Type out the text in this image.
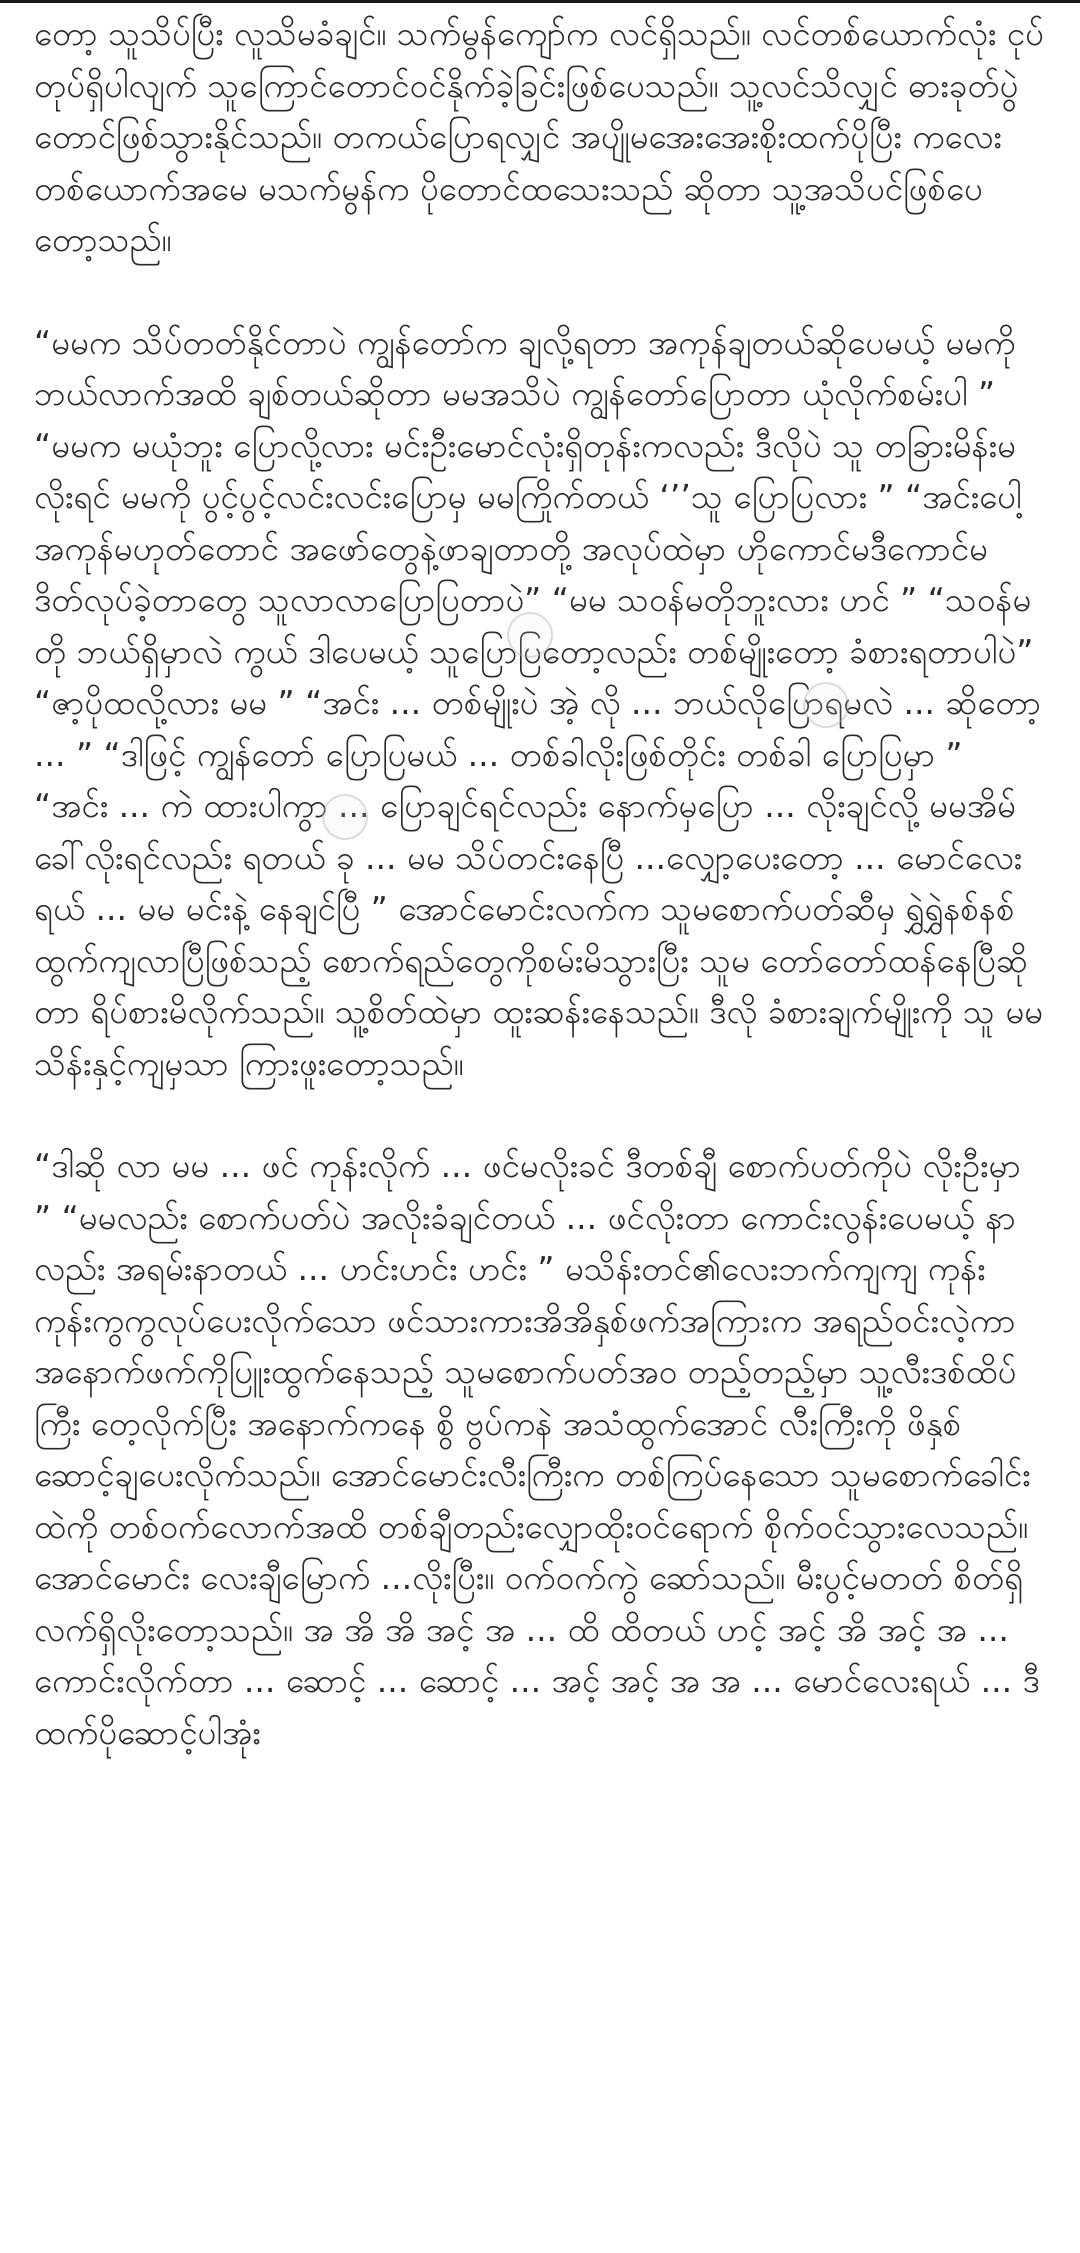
တော့ သူသိပ်ပြီး လူသိမခံချင်။ သက်မွန်ကျော်က လင်ရှိသည်။ လင်တစ်ယောက်လုံး ငုပ်တုပ်ရှိပါလျက် သူကြောင်တောင်ဝင်နိုက်ခဲ့ခြင်းဖြစ်ပေသည်။ သူ့လင်သိလျှင် ဓားခုတ်ပွဲတောင်ဖြစ်သွားနိုင်သည်။ တကယ်ပြောရလျှင် အပျိုမအေးအေးစိုးထက်ပိုပြီး ကလေးတစ်ယောက်အမေ မသက်မွန်က ပိုတောင်ထသေးသည် ဆိုတာ သူ့အသိပင်ဖြစ်ပေတော့သည်။

“မမက သိပ်တတ်နိုင်တာပဲ ကျွန်တော်က ချလို့ရတာ အကုန်ချတယ်ဆိုပေမယ့် မမကို ဘယ်လာက်အထိ ချစ်တယ်ဆိုတာ မမအသိပဲ ကျွန်တော်ပြောတာ ယုံလိုက်စမ်းပါ ” “မမက မယုံဘူး ပြောလို့လား မင်းဦးမောင်လုံးရှိတုန်းကလည်း ဒီလိုပဲ သူ တခြားမိန်းမလိုးရင် မမကို ပွင့်ပွင့်လင်းလင်းပြောမှ မမကြိုက်တယ် ‘’’သူ ပြောပြလား ” “အင်းပေါ့ အကုန်မဟုတ်တောင် အဖော်တွေနဲ့ဖာချတာတို့ အလုပ်ထဲမှာ ဟိုကောင်မဒီကောင်မ ဒိတ်လုပ်ခဲ့တာတွေ သူလာလာပြောပြတာပဲ” “မမ သဝန်မတိုဘူးလား ဟင် ” “သဝန်မတို ဘယ်ရှိမှာလဲ ကွယ် ဒါပေမယ့် သူပြောပြတော့လည်း တစ်မျိုးတော့ ခံစားရတာပါပဲ” “ဇာ့ပိုထလို့လား မမ ” “အင်း ... တစ်မျိုးပဲ အဲ့ လို ... ဘယ်လိုပြောရမလဲ ... ဆိုတော့ ... ” “ဒါဖြင့် ကျွန်တော် ပြောပြမယ် ... တစ်ခါလိုးဖြစ်တိုင်း တစ်ခါ ပြောပြမှာ ” “အင်း ... ကဲ ထားပါကွာ ... ပြောချင်ရင်လည်း နောက်မှပြော ... လိုးချင်လို့ မမအိမ်ခေါ်လိုးရင်လည်း ရတယ် ခု ... မမ သိပ်တင်းနေပြီ ...လျှော့ပေးတော့ ... မောင်လေးရယ် ... မမ မင်းနဲ့ နေချင်ပြီ ” အောင်မောင်းလက်က သူမစောက်ပတ်ဆီမှ ရွှဲရွှဲနစ်နစ်ထွက်ကျလာပြီဖြစ်သည့် စောက်ရည်တွေကိုစမ်းမိသွားပြီး သူမ တော်တော်ထန်နေပြီဆိုတာ ရိပ်စားမိလိုက်သည်။ သူ့စိတ်ထဲမှာ ထူးဆန်းနေသည်။ ဒီလို ခံစားချက်မျိုးကို သူ မမသိန်းနှင့်ကျမှသာ ကြားဖူးတော့သည်။

“ဒါဆို လာ မမ ... ဖင် ကုန်းလိုက် ... ဖင်မလိုးခင် ဒီတစ်ချီ စောက်ပတ်ကိုပဲ လိုးဦးမှာ ” “မမလည်း စောက်ပတ်ပဲ အလိုးခံချင်တယ် ... ဖင်လိုးတာ ကောင်းလွန်းပေမယ့် နာလည်း အရမ်းနာတယ် ... ဟင်းဟင်း ဟင်း ” မသိန်းတင်၏လေးဘက်ကျကျ ကုန်းကုန်းကွကွလုပ်ပေးလိုက်သော ဖင်သားကားအိအိနှစ်ဖက်အကြားက အရည်ဝင်းလဲ့ကာ အနောက်ဖက်ကိုပြူးထွက်နေသည့် သူမစောက်ပတ်အဝ တည့်တည့်မှာ သူ့လီးဒစ်ထိပ်ကြီး တေ့လိုက်ပြီး အနောက်ကနေ စွိ ဗွပ်ကနဲ အသံထွက်အောင် လီးကြီးကို ဖိနှစ်ဆောင့်ချပေးလိုက်သည်။ အောင်မောင်းလီးကြီးက တစ်ကြပ်နေသော သူမစောက်ခေါင်းထဲကို တစ်ဝက်လောက်အထိ တစ်ချီတည်းလျှောထိုးဝင်ရောက် စိုက်ဝင်သွားလေသည်။ အောင်မောင်း လေးချီမြောက် ...လိုးပြီး။ ဝက်ဝက်ကွဲ ဆော်သည်။ မီးပွင့်မတတ် စိတ်ရှိလက်ရှိလိုးတော့သည်။ အ အိ အိ အင့် အ ... ထိ ထိတယ် ဟင့် အင့် အိ အင့် အ ... ကောင်းလိုက်တာ ... ဆောင့် ... ဆောင့် ... အင့် အင့် အ အ ... မောင်လေးရယ် ... ဒီထက်ပိုဆောင့်ပါအုံး
